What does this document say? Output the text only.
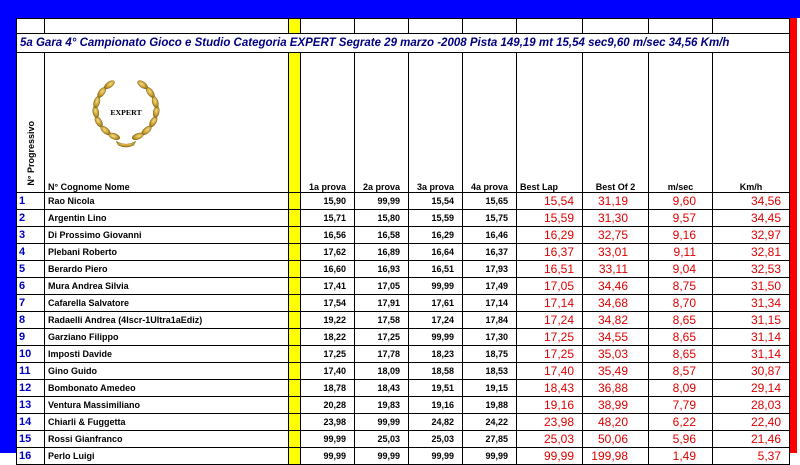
5a Gara 4° Campionato Gioco e Studio Categoria EXPERT Segrate 29 marzo -2008 Pista 149,19 mt 15,54 sec9,60 m/sec 34,56 Km/h										
N° Progressivo	EXPERT
N° Cognome Nome		1a prova	2a prova	3a prova	4a prova	Best Lap	Best Of 2	m/sec	Km/h
1	Rao Nicola		15,90	99,99	15,54	15,65	15,54	31,19	9,60	34,56
2	Argentin Lino		15,71	15,80	15,59	15,75	15,59	31,30	9,57	34,45
3	Di Prossimo Giovanni		16,56	16,58	16,29	16,46	16,29	32,75	9,16	32,97
4	Plebani Roberto		17,62	16,89	16,64	16,37	16,37	33,01	9,11	32,81
5	Berardo Piero		16,60	16,93	16,51	17,93	16,51	33,11	9,04	32,53
6	Mura Andrea Silvia		17,41	17,05	99,99	17,49	17,05	34,46	8,75	31,50
7	Cafarella Salvatore		17,54	17,91	17,61	17,14	17,14	34,68	8,70	31,34
8	Radaelli Andrea (4lscr-1Ultra1aEdiz)		19,22	17,58	17,24	17,84	17,24	34,82	8,65	31,15
9	Garziano Filippo		18,22	17,25	99,99	17,30	17,25	34,55	8,65	31,14
10	Imposti Davide		17,25	17,78	18,23	18,75	17,25	35,03	8,65	31,14
11	Gino Guido		17,40	18,09	18,58	18,53	17,40	35,49	8,57	30,87
12	Bombonato Amedeo		18,78	18,43	19,51	19,15	18,43	36,88	8,09	29,14
13	Ventura Massimiliano		20,28	19,83	19,16	19,88	19,16	38,99	7,79	28,03
14	Chiarli & Fuggetta		23,98	99,99	24,82	24,22	23,98	48,20	6,22	22,40
15	Rossi Gianfranco		99,99	25,03	25,03	27,85	25,03	50,06	5,96	21,46
16	Perlo Luigi		99,99	99,99	99,99	99,99	99,99	199,98	1,49	5,37
